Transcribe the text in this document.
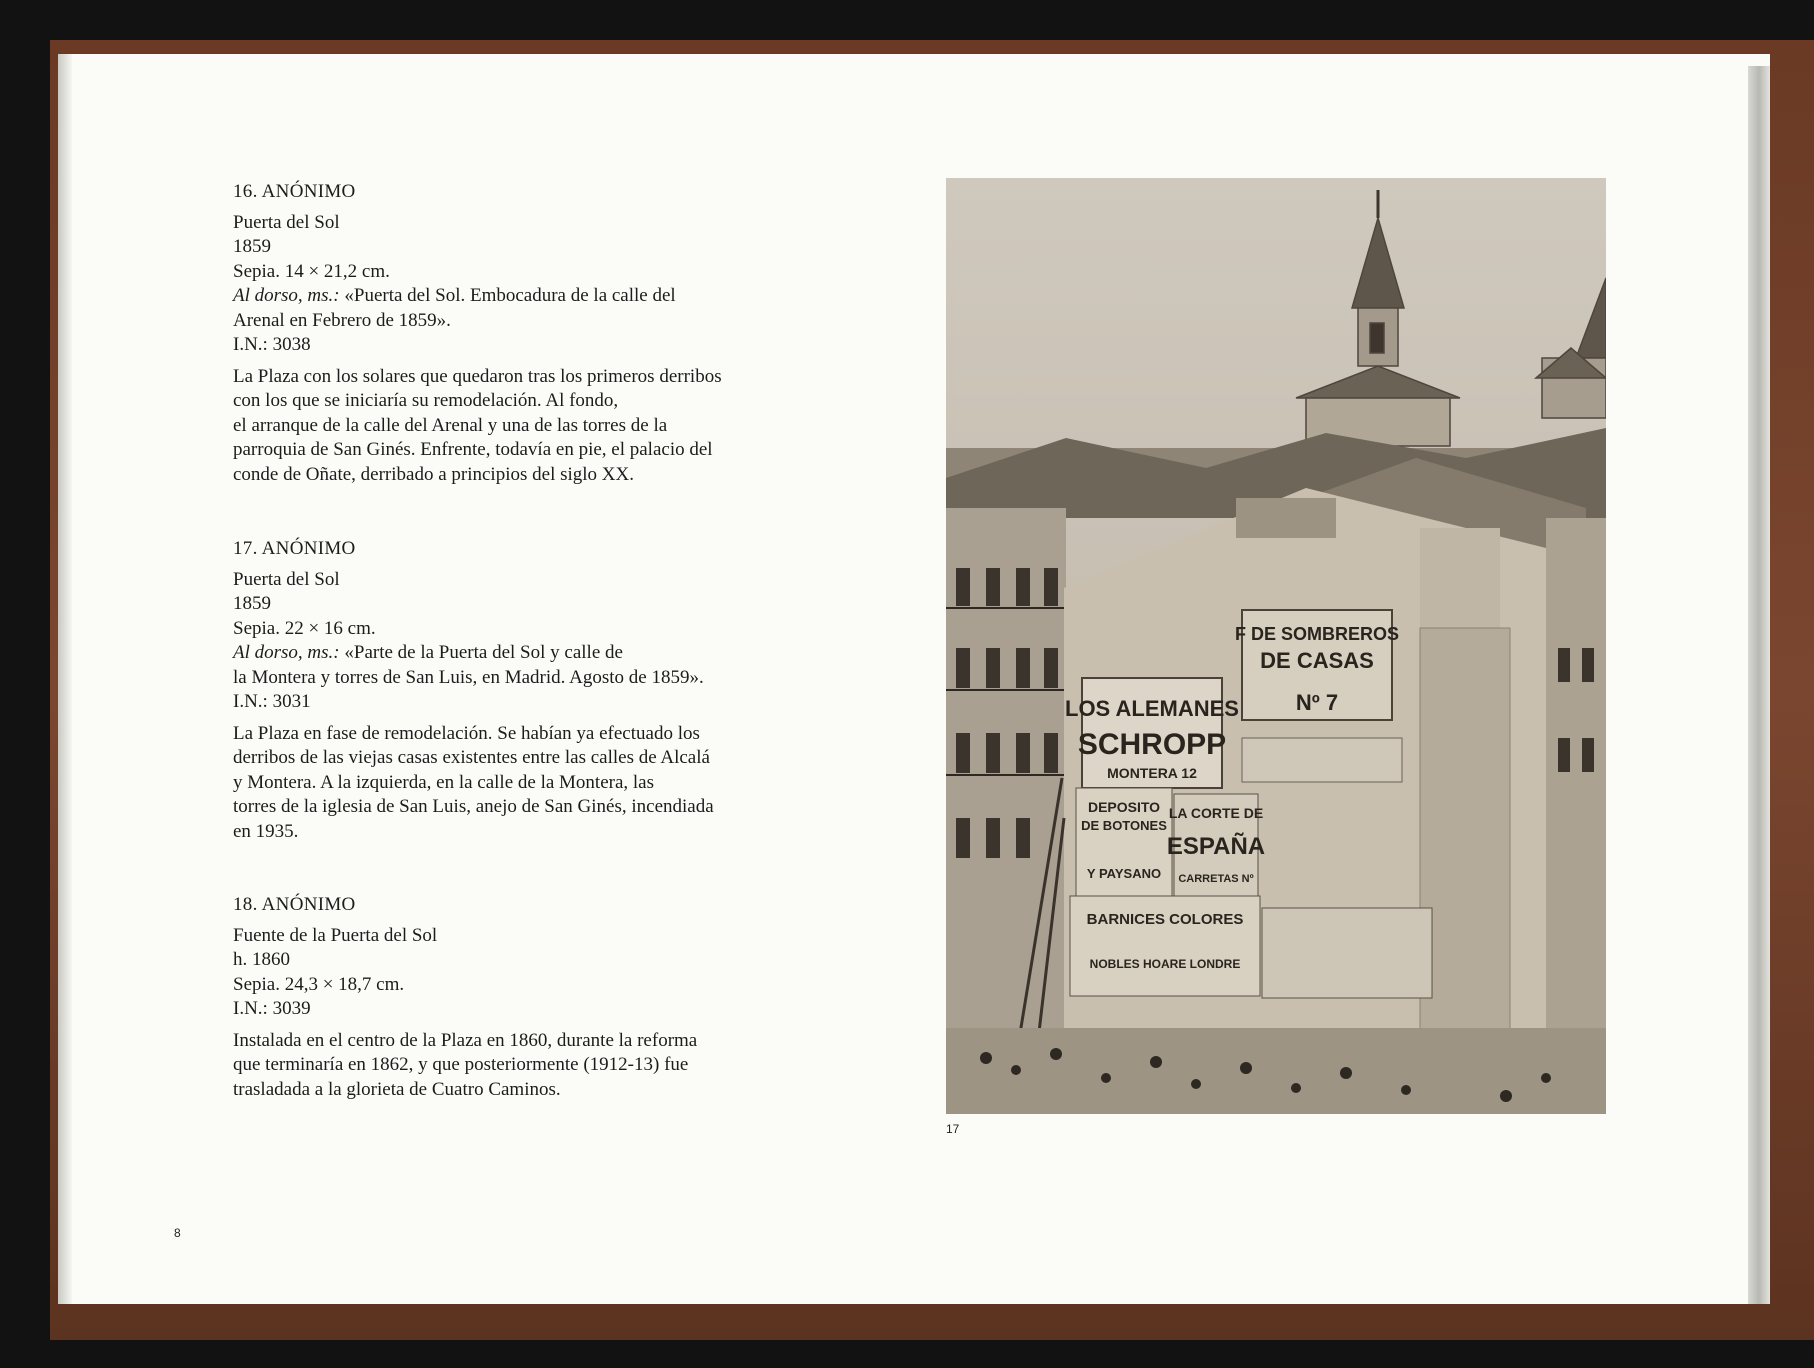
16. ANÓNIMO

Puerta del Sol

1859

Sepia. 14 × 21,2 cm.

Al dorso, ms.: «Puerta del Sol. Embocadura de la calle del

Arenal en Febrero de 1859».

I.N.: 3038

La Plaza con los solares que quedaron tras los primeros derribos

con los que se iniciaría su remodelación. Al fondo,

el arranque de la calle del Arenal y una de las torres de la

parroquia de San Ginés. Enfrente, todavía en pie, el palacio del

conde de Oñate, derribado a principios del siglo XX.

17. ANÓNIMO

Puerta del Sol

1859

Sepia. 22 × 16 cm.

Al dorso, ms.: «Parte de la Puerta del Sol y calle de

la Montera y torres de San Luis, en Madrid. Agosto de 1859».

I.N.: 3031

La Plaza en fase de remodelación. Se habían ya efectuado los

derribos de las viejas casas existentes entre las calles de Alcalá

y Montera. A la izquierda, en la calle de la Montera, las

torres de la iglesia de San Luis, anejo de San Ginés, incendiada

en 1935.

18. ANÓNIMO

Fuente de la Puerta del Sol

h. 1860

Sepia. 24,3 × 18,7 cm.

I.N.: 3039

Instalada en el centro de la Plaza en 1860, durante la reforma

que terminaría en 1862, y que posteriormente (1912-13) fue

trasladada a la glorieta de Cuatro Caminos.

LOS ALEMANES
SCHROPP
MONTERA 12
F DE SOMBREROS
DE CASAS
Nº 7
DEPOSITO
DE BOTONES
Y PAYSANO
LA CORTE DE
ESPAÑA
CARRETAS Nº
BARNICES COLORES
NOBLES HOARE LONDRE
17
8
